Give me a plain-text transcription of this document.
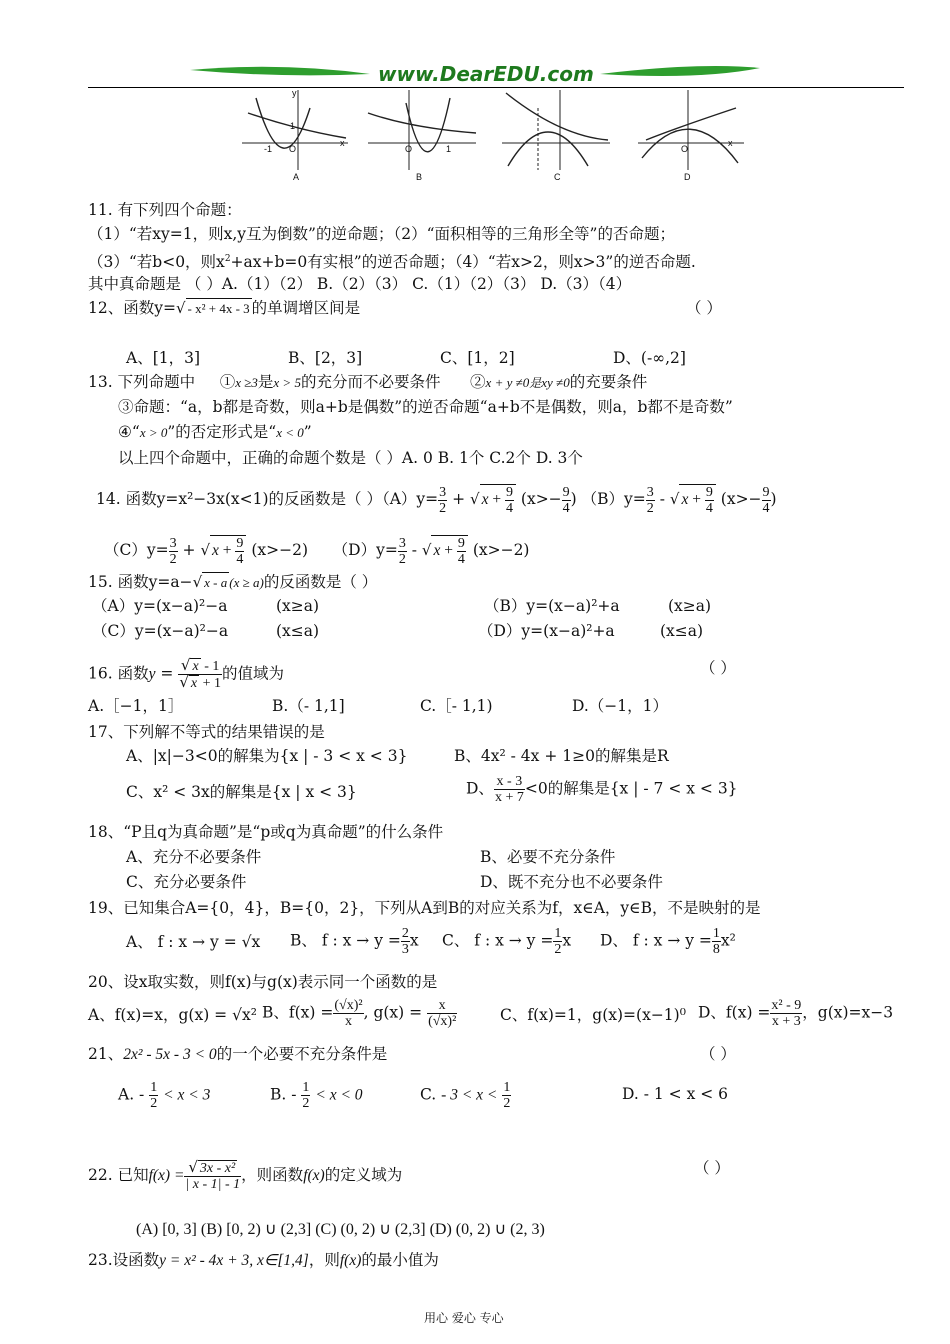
www.DearEDU.com
A	B	C	D
y
x
O
-1
1
O	1
x
O
11. 有下列四个命题：
（1）“若xy=1，则x,y互为倒数”的逆命题；（2）“面积相等的三角形全等”的否命题；
（3）“若b<0，则$x^2+ax+b=0$有实根”的逆否命题；（4）“若x>2，则x>3”的逆否命题.
其中真命题是 （ ）A.（1）（2） B.（2）（3） C.（1）（2）（3） D.（3）（4）
12、函数y=√ - x² + 4x - 3 的单调增区间是	（ ）
A、[1，3]	B、[2，3]	C、[1，2]	D、(-∞,2]
13. 下列命题中 ①x ≥3是x > 5的充分而不必要条件 ②x + y ≠0是xy ≠0的充要条件
③命题：“a，b都是奇数，则a+b是偶数”的逆否命题“a+b不是偶数，则a，b都不是奇数”
④“x > 0”的否定形式是“x < 0”
以上四个命题中，正确的命题个数是（ ）A. 0 B. 1个 C.2个 D. 3个
14. 函数y=x²−3x(x<1)的反函数是（ ）$(A)y= \frac{3}{2}$ + √ $x + \frac{9}{4} (x>- \frac{9}{4}$ ) $(B)y= \frac{3}{2}$ - √ $x + \frac{9}{4} (x>- \frac{9}{4}$ )
$(C)y= \frac{3}{2}$ + √ $x + \frac{9}{4} (x>-2)$ $(D)y= \frac{3}{2}$ - √ $x + \frac{9}{4} (x>-2)$
15. 函数y=a−√ x - a (x ≥ a)的反函数是（ ）
（A）y=(x−a)²−a	(x≥a)	（B）y=(x−a)²+a	(x≥a)
（C）y=(x−a)²−a	(x≤a)	（D）y=(x−a)²+a	(x≤a)
16. 函数$y = \frac{√ x - 1}{√ x + 1}$ 的值域为	（ ）
A.［−1，1］	B.（- 1,1]	C.［- 1,1)	D.（−1，1）
17、下列解不等式的结果错误的是
A、|x|−3<0的解集为{x | - 3 < x < 3}	B、4x² - 4x + 1≥0的解集是R
C、x² < 3x的解集是{x | x < 3}	D、 $\frac{x - 3}{x + 7} <0$的解集是{x | - 7 < x < 3}
18、“P且q为真命题”是“p或q为真命题”的什么条件
A、充分不必要条件	B、必要不充分条件
C、充分必要条件	D、既不充分也不必要条件
19、已知集合A={0，4}，B={0，2}，下列从A到B的对应关系为f，x∈A，y∈B，不是映射的是
A、 f : x → y = √x B、 f : $x \to y = \frac{2}{3}$ x C、 f : $x \to y = \frac{1}{2}$ x D、 f : $x \to y = \frac{1}{8} x^2$
20、设x取实数，则f(x)与g(x)表示同一个函数的是
A、f(x)=x，g(x) = √x² B、$f(x) = \frac{\text{(√x)²}}{x}$ , $g(x) = \frac{x}{\text{(√x)²}}$	C、f(x)=1，g(x)=(x−1)⁰ D、$f(x) = \frac{\text{x² - 9}}{x + 3}$ ，g(x)=x−3
21、2x² - 5x - 3 < 0的一个必要不充分条件是	（ ）
A. - $\frac{1}{2} < x < 3$	B. - $\frac{1}{2} < x < 0$	C. - $3 < x < \frac{1}{2}$	D. - 1 < x < 6
22. 已知$f(x) = \frac{\text{√ 3x - x²}}{| x - 1| - 1}$ ，则函数f(x)的定义域为	（ ）
(A) [0, 3] (B) [0, 2) ∪ (2,3] (C) (0, 2) ∪ (2,3] (D) (0, 2) ∪ (2, 3)
23.设函数y = x² - 4x + 3, x∈[1,4]，则f(x)的最小值为
用心 爱心 专心
